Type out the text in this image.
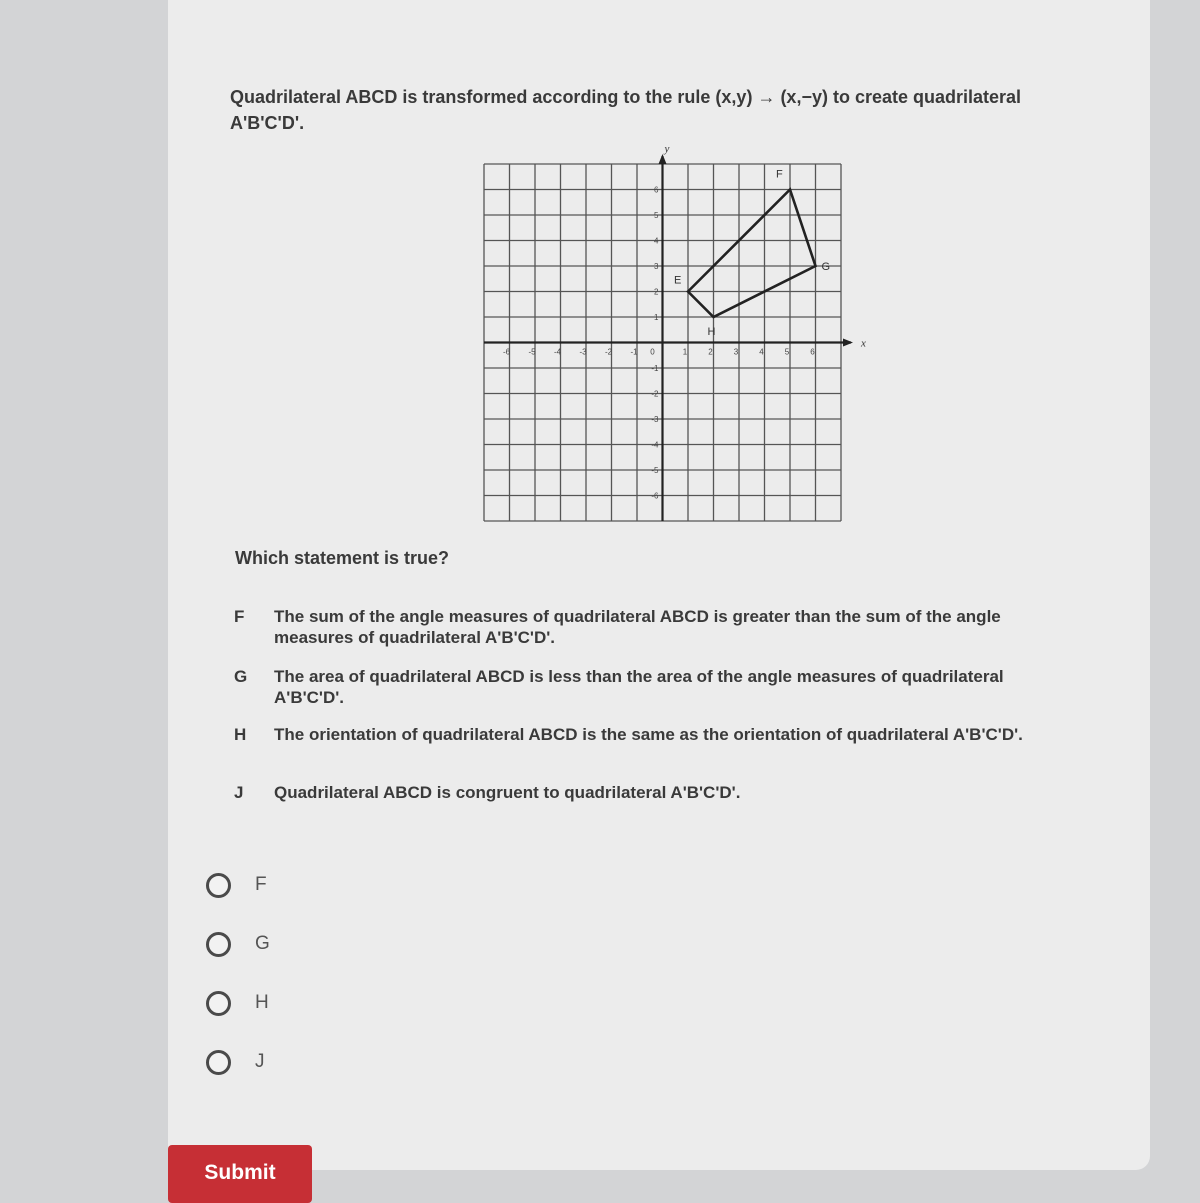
Quadrilateral ABCD is transformed according to the rule (x,y) → (x,−y) to create quadrilateral A'B'C'D'.
x
y
-6 -5 -4 -3 -2 -1 0	1	2	3	4	5	6
6
5
4
3
2
1
-1
-2
-3
-4
-5
-6
E
F
G
H
Which statement is true?
F	The sum of the angle measures of quadrilateral ABCD is greater than the sum of the angle measures of quadrilateral A'B'C'D'.
G	The area of quadrilateral ABCD is less than the area of the angle measures of quadrilateral A'B'C'D'.
H	The orientation of quadrilateral ABCD is the same as the orientation of quadrilateral A'B'C'D'.
J	Quadrilateral ABCD is congruent to quadrilateral A'B'C'D'.
F
G
H
J
Submit
